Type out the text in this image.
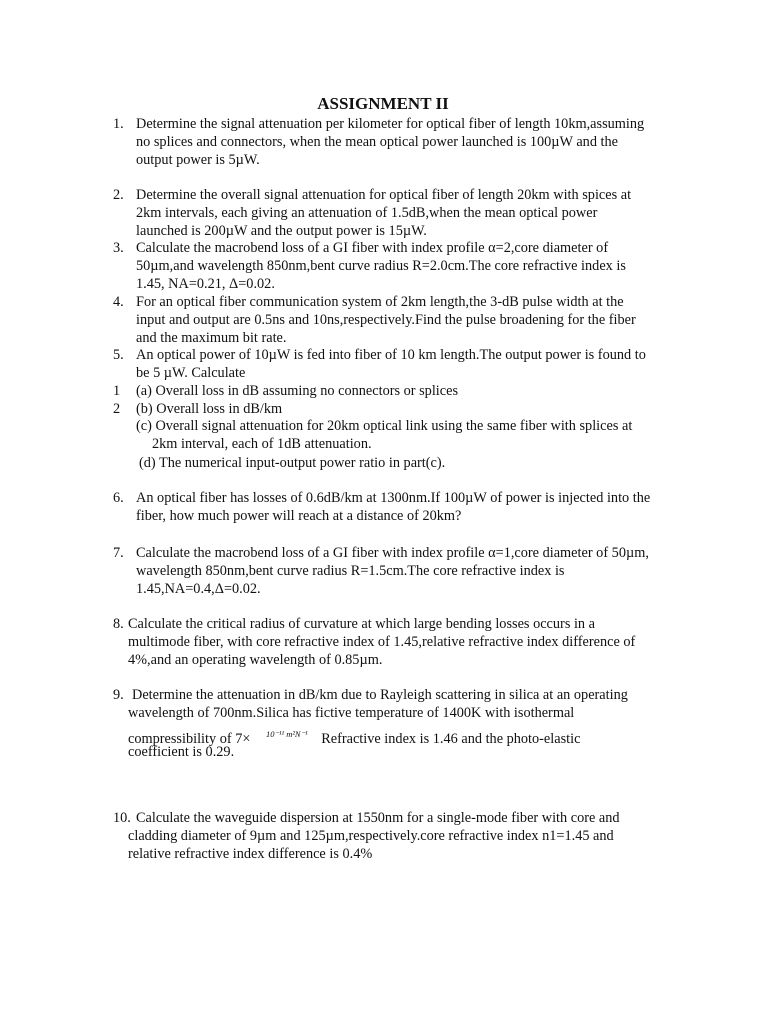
ASSIGNMENT II
1. Determine the signal attenuation per kilometer for optical fiber of length 10km,assuming
no splices and connectors, when the mean optical power launched is 100µW and the
output power is 5µW.
2. Determine the overall signal attenuation for optical fiber of length 20km with spices at
2km intervals, each giving an attenuation of 1.5dB,when the mean optical power
launched is 200µW and the output power is 15µW.
3. Calculate the macrobend loss of a GI fiber with index profile α=2,core diameter of
50µm,and wavelength 850nm,bent curve radius R=2.0cm.The core refractive index is
1.45, NA=0.21, Δ=0.02.
4. For an optical fiber communication system of 2km length,the 3-dB pulse width at the
input and output are 0.5ns and 10ns,respectively.Find the pulse broadening for the fiber
and the maximum bit rate.
5. An optical power of 10µW is fed into fiber of 10 km length.The output power is found to
be 5 µW. Calculate
1 (a) Overall loss in dB assuming no connectors or splices
2 (b) Overall loss in dB/km
(c) Overall signal attenuation for 20km optical link using the same fiber with splices at
2km interval, each of 1dB attenuation.
(d) The numerical input-output power ratio in part(c).
6. An optical fiber has losses of 0.6dB/km at 1300nm.If 100µW of power is injected into the
fiber, how much power will reach at a distance of 20km?
7. Calculate the macrobend loss of a GI fiber with index profile α=1,core diameter of 50µm,
wavelength 850nm,bent curve radius R=1.5cm.The core refractive index is
1.45,NA=0.4,Δ=0.02.
8. Calculate the critical radius of curvature at which large bending losses occurs in a
multimode fiber, with core refractive index of 1.45,relative refractive index difference of
4%,and an operating wavelength of 0.85µm.
9. Determine the attenuation in dB/km due to Rayleigh scattering in silica at an operating
wavelength of 700nm.Silica has fictive temperature of 1400K with isothermal
compressibility of 7× $^{10^{-11} m^2N^{-1}}$ Refractive index is 1.46 and the photo-elastic
coefficient is 0.29.
10. Calculate the waveguide dispersion at 1550nm for a single-mode fiber with core and
cladding diameter of 9µm and 125µm,respectively.core refractive index n1=1.45 and
relative refractive index difference is 0.4%
